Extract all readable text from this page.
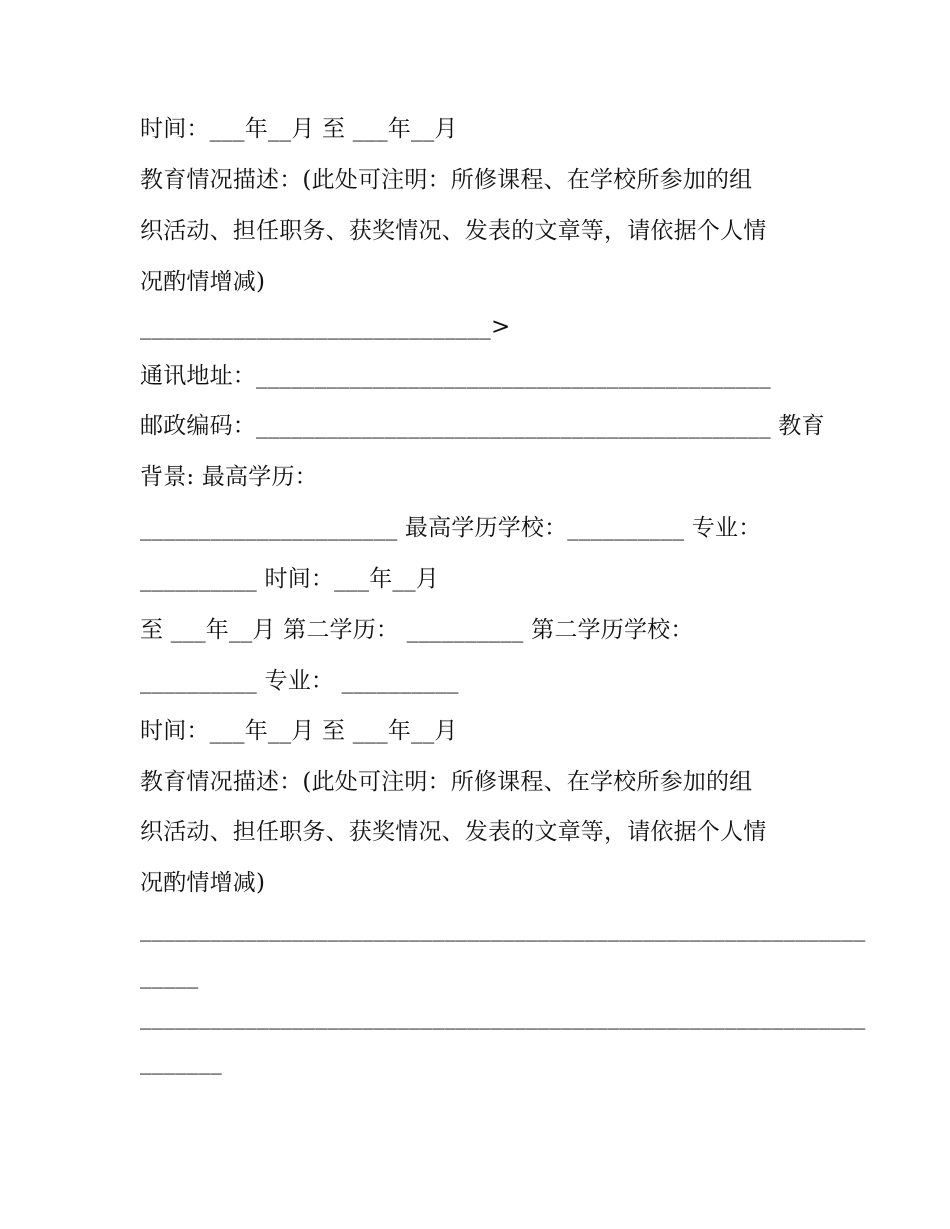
时间：___年__月 至 ___年__月
教育情况描述：(此处可注明：所修课程、在学校所参加的组
织活动、担任职务、获奖情况、发表的文章等，请依据个人情
况酌情增减)
______________________________>
通讯地址：____________________________________________
邮政编码：____________________________________________ 教育
背景: 最高学历：
______________________ 最高学历学校：__________ 专业：
__________ 时间：___年__月
至 ___年__月 第二学历： __________ 第二学历学校：
__________ 专业： __________
时间：___年__月 至 ___年__月
教育情况描述：(此处可注明：所修课程、在学校所参加的组
织活动、担任职务、获奖情况、发表的文章等，请依据个人情
况酌情增减)
______________________________________________________________
_____
______________________________________________________________
_______
